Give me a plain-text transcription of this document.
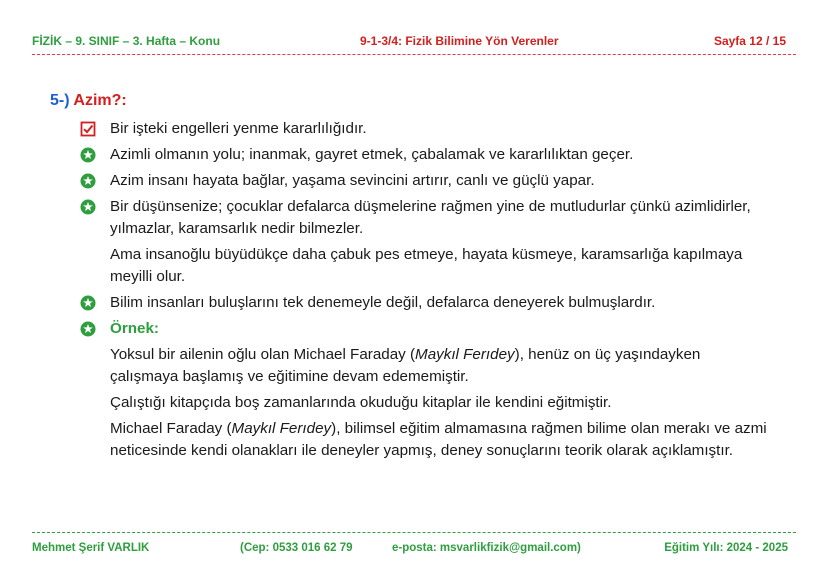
FİZİK – 9. SINIF – 3. Hafta – Konu	9-1-3/4: Fizik Bilimine Yön Verenler	Sayfa 12 / 15
5-) Azim?:
Bir işteki engelleri yenme kararlılığıdır.
Azimli olmanın yolu; inanmak, gayret etmek, çabalamak ve kararlılıktan geçer.
Azim insanı hayata bağlar, yaşama sevincini artırır, canlı ve güçlü yapar.
Bir düşünsenize; çocuklar defalarca düşmelerine rağmen yine de mutludurlar çünkü azimlidirler, yılmazlar, karamsarlık nedir bilmezler.
Ama insanoğlu büyüdükçe daha çabuk pes etmeye, hayata küsmeye, karamsarlığa kapılmaya meyilli olur.
Bilim insanları buluşlarını tek denemeyle değil, defalarca deneyerek bulmuşlardır.
Örnek:
Yoksul bir ailenin oğlu olan Michael Faraday (Maykıl Ferıdey), henüz on üç yaşındayken çalışmaya başlamış ve eğitimine devam edememiştir.
Çalıştığı kitapçıda boş zamanlarında okuduğu kitaplar ile kendini eğitmiştir.
Michael Faraday (Maykıl Ferıdey), bilimsel eğitim almamasına rağmen bilime olan merakı ve azmi neticesinde kendi olanakları ile deneyler yapmış, deney sonuçlarını teorik olarak açıklamıştır.
Mehmet Şerif VARLIK	(Cep: 0533 016 62 79	e-posta: msvarlikfizik@gmail.com)	Eğitim Yılı: 2024 - 2025
